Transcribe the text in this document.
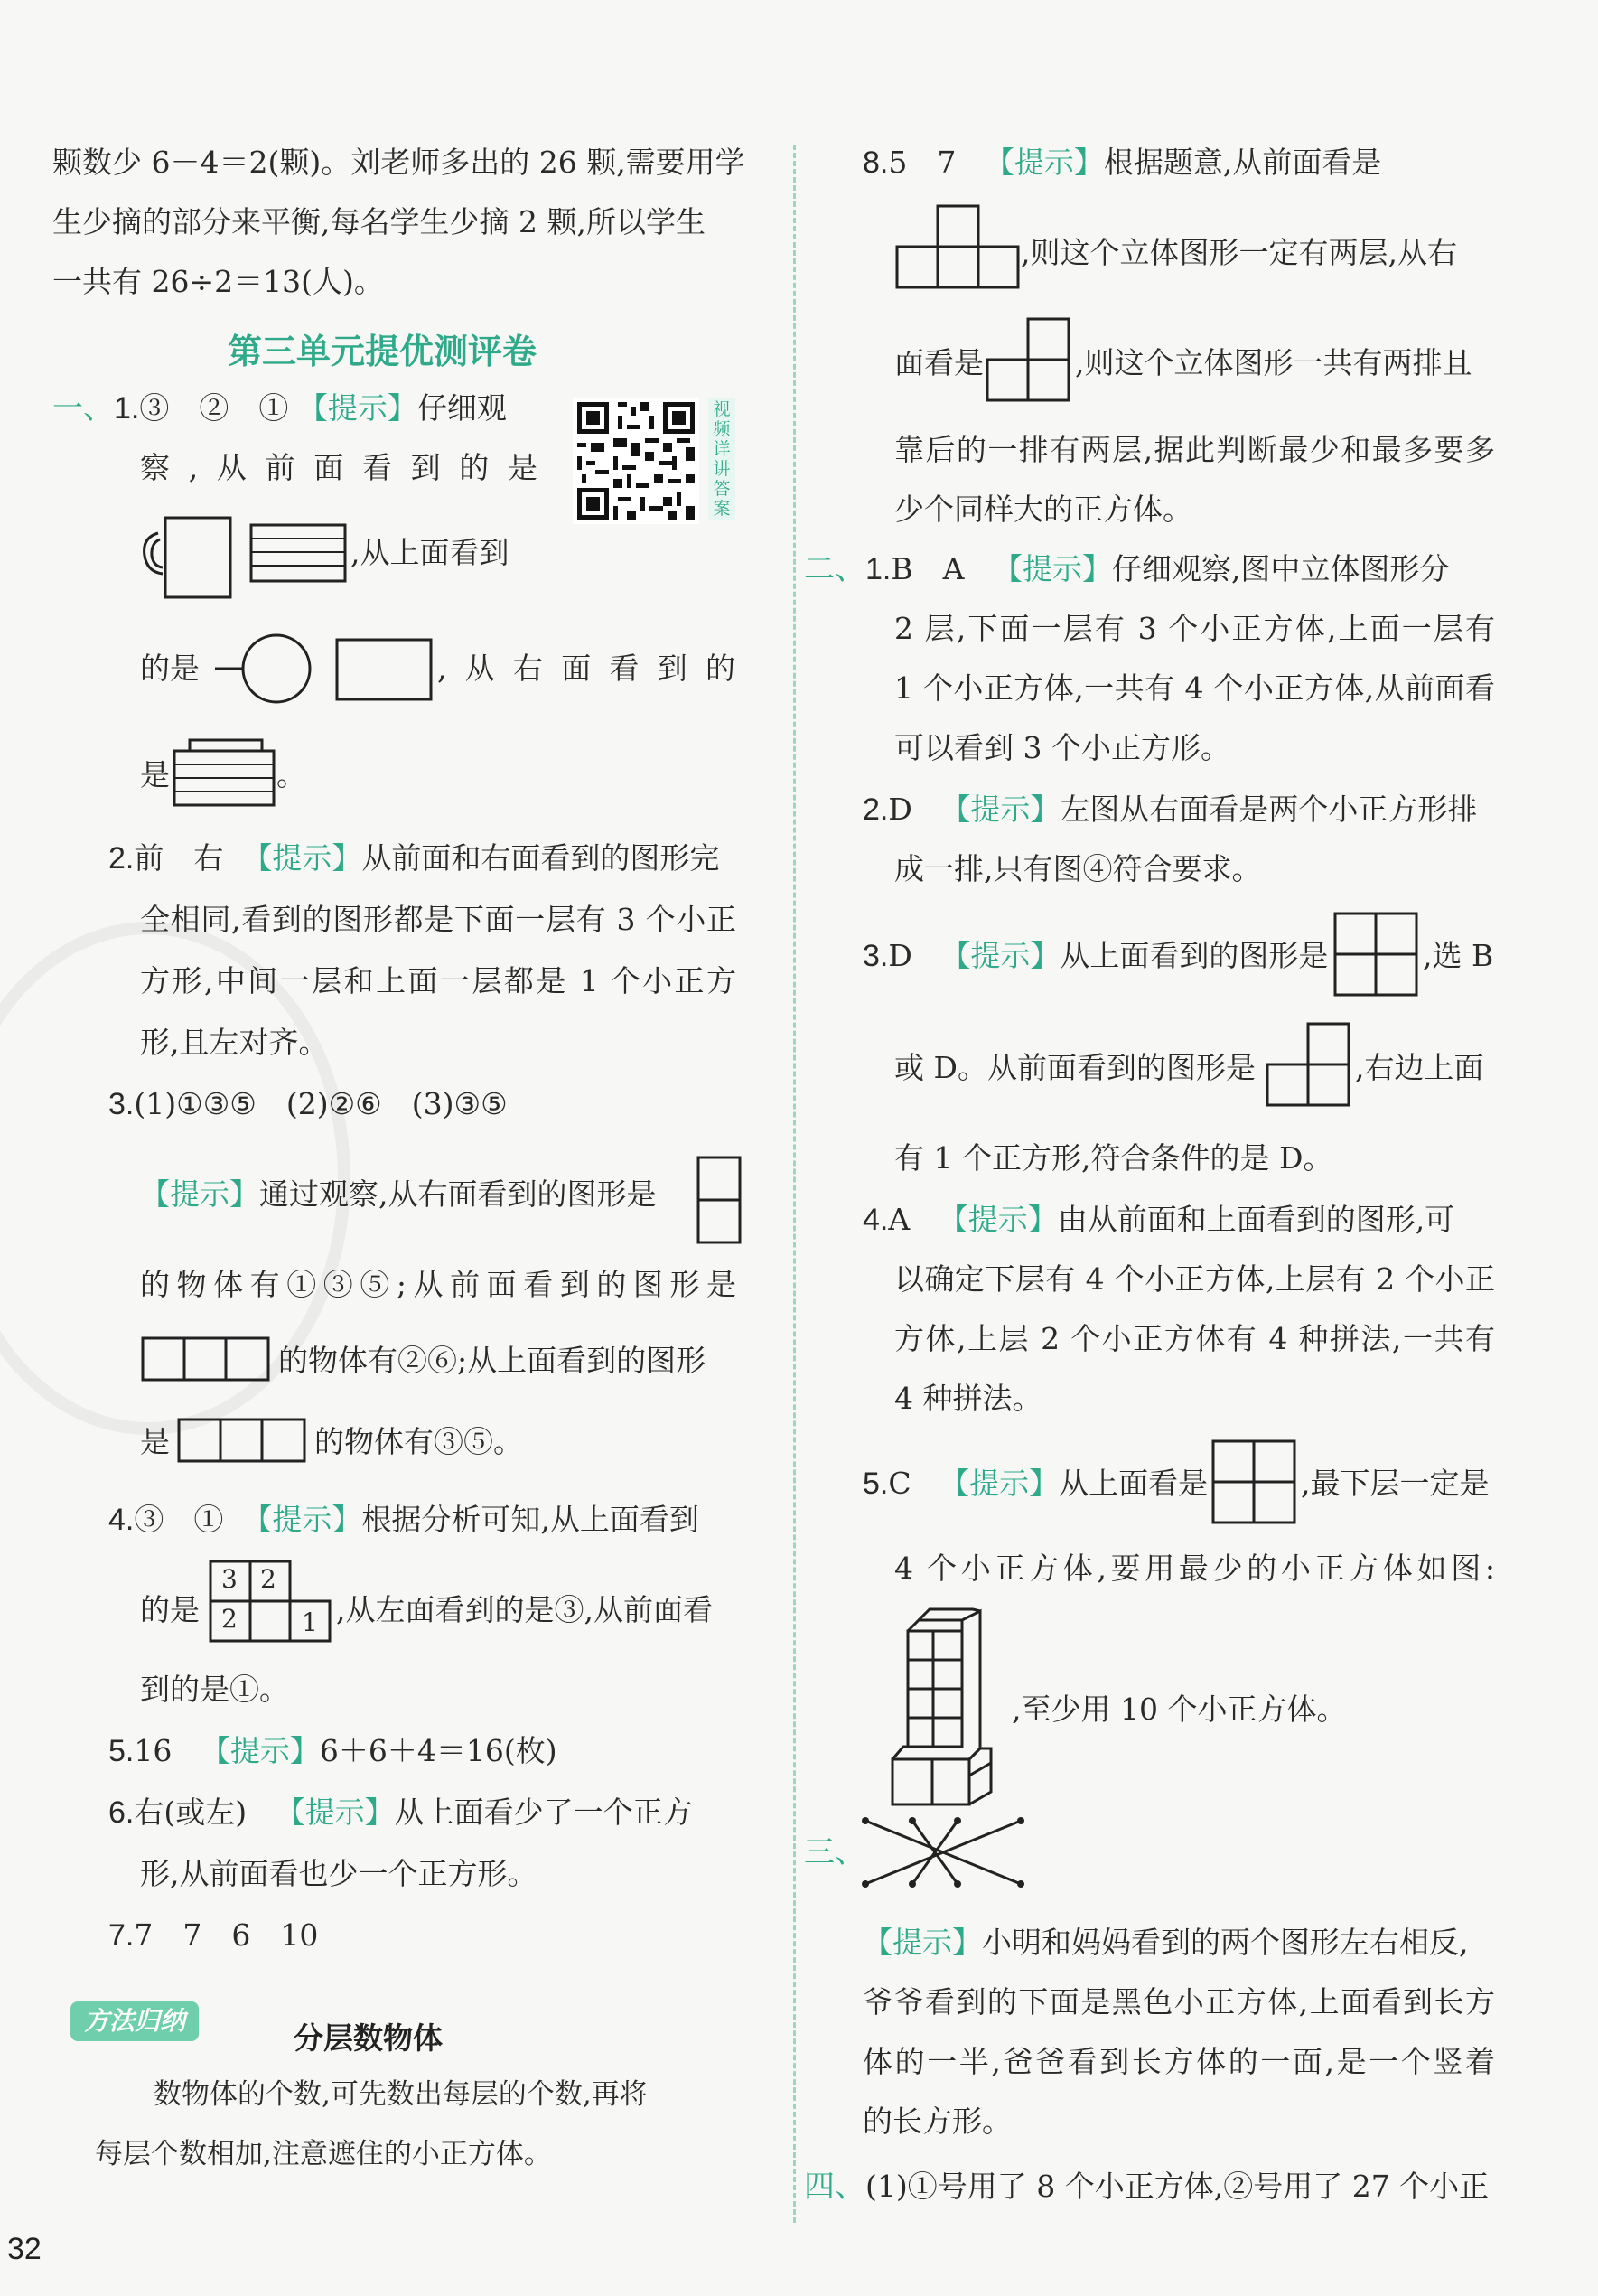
颗数少 6－4＝2(颗)。刘老师多出的 26 颗,需要用学
生少摘的部分来平衡,每名学生少摘 2 颗,所以学生
一共有 26÷2＝13(人)。
第三单元提优测评卷
视频详讲答案
一、1.③　②　① 【提示】仔细观
察,从前面看到的是
,从上面看到
的是	,从右面看到的
是	。
2.前　右 【提示】从前面和右面看到的图形完
全相同,看到的图形都是下面一层有 3 个小正
方形,中间一层和上面一层都是 1 个小正方
形,且左对齐。
3.(1)①③⑤　(2)②⑥　(3)③⑤
【提示】通过观察,从右面看到的图形是
的物体有①③⑤;从前面看到的图形是
的物体有②⑥;从上面看到的图形
是	的物体有③⑤。
4.③　① 【提示】根据分析可知,从上面看到
的是
3 2
2	1 ,从左面看到的是③,从前面看
到的是①。
5.16 【提示】6＋6＋4＝16(枚)
6.右(或左) 【提示】从上面看少了一个正方
形,从前面看也少一个正方形。
7.7　7　6　10
方法归纳	分层数物体
数物体的个数,可先数出每层的个数,再将
每层个数相加,注意遮住的小正方体。
8.5　7 【提示】根据题意,从前面看是
,则这个立体图形一定有两层,从右
面看是	,则这个立体图形一共有两排且
靠后的一排有两层,据此判断最少和最多要多
少个同样大的正方体。
二、1.B　A 【提示】仔细观察,图中立体图形分
2 层,下面一层有 3 个小正方体,上面一层有
1 个小正方体,一共有 4 个小正方体,从前面看
可以看到 3 个小正方形。
2.D 【提示】左图从右面看是两个小正方形排
成一排,只有图④符合要求。
3.D 【提示】从上面看到的图形是	,选 B
或 D。从前面看到的图形是	,右边上面
有 1 个正方形,符合条件的是 D。
4.A 【提示】由从前面和上面看到的图形,可
以确定下层有 4 个小正方体,上层有 2 个小正
方体,上层 2 个小正方体有 4 种拼法,一共有
4 种拼法。
5.C 【提示】从上面看是	,最下层一定是
4 个小正方体,要用最少的小正方体如图:
,至少用 10 个小正方体。
三、
【提示】小明和妈妈看到的两个图形左右相反,
爷爷看到的下面是黑色小正方体,上面看到长方
体的一半,爸爸看到长方体的一面,是一个竖着
的长方形。
四、(1)①号用了 8 个小正方体,②号用了 27 个小正
32
